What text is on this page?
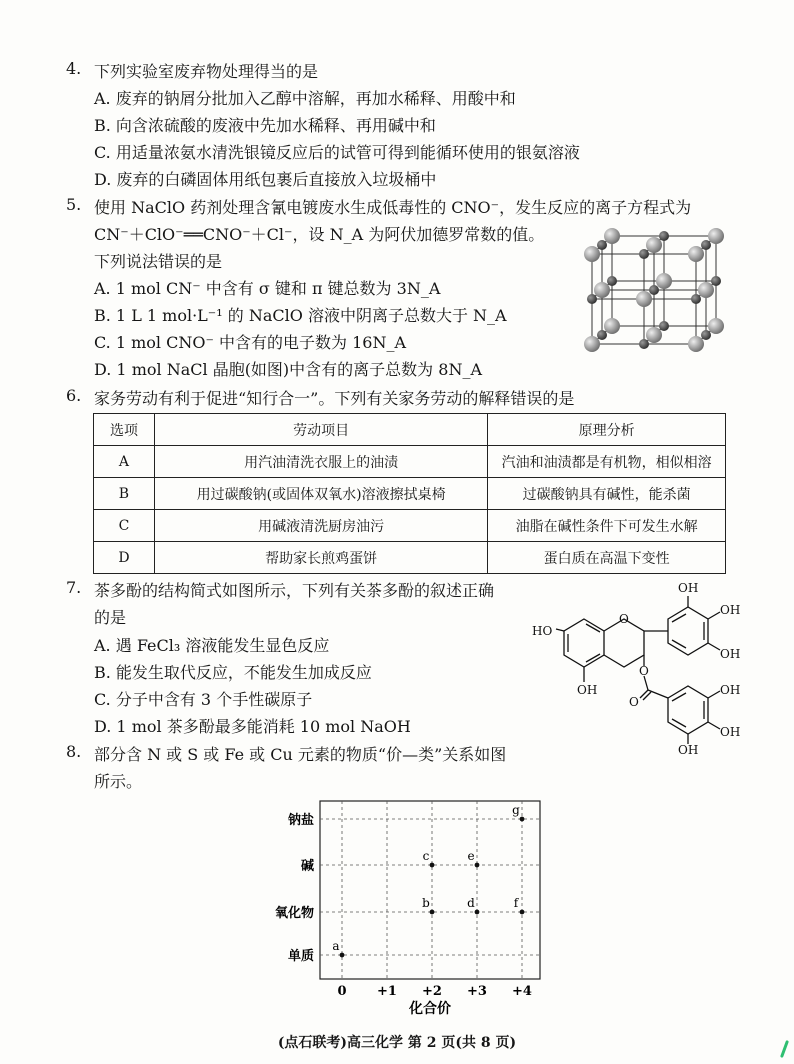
4. 下列实验室废弃物处理得当的是
A. 废弃的钠屑分批加入乙醇中溶解，再加水稀释、用酸中和
B. 向含浓硫酸的废液中先加水稀释、再用碱中和
C. 用适量浓氨水清洗银镜反应后的试管可得到能循环使用的银氨溶液
D. 废弃的白磷固体用纸包裹后直接放入垃圾桶中
5. 使用 NaClO 药剂处理含氰电镀废水生成低毒性的 CNO⁻，发生反应的离子方程式为
CN⁻＋ClO⁻══CNO⁻＋Cl⁻，设 N_A 为阿伏加德罗常数的值。
下列说法错误的是
A. 1 mol CN⁻ 中含有 σ 键和 π 键总数为 3N_A
B. 1 L 1 mol·L⁻¹ 的 NaClO 溶液中阴离子总数大于 N_A
C. 1 mol CNO⁻ 中含有的电子数为 16N_A
D. 1 mol NaCl 晶胞(如图)中含有的离子总数为 8N_A
6. 家务劳动有利于促进“知行合一”。下列有关家务劳动的解释错误的是
选项	劳动项目	原理分析
A	用汽油清洗衣服上的油渍	汽油和油渍都是有机物，相似相溶
B	用过碳酸钠(或固体双氧水)溶液擦拭桌椅	过碳酸钠具有碱性，能杀菌
C	用碱液清洗厨房油污	油脂在碱性条件下可发生水解
D	帮助家长煎鸡蛋饼	蛋白质在高温下变性
7. 茶多酚的结构简式如图所示，下列有关茶多酚的叙述正确
的是
A. 遇 FeCl₃ 溶液能发生显色反应
B. 能发生取代反应，不能发生加成反应
C. 分子中含有 3 个手性碳原子
D. 1 mol 茶多酚最多能消耗 10 mol NaOH
HO
O
O
O
OH
OH
OH
OH
OH
OH
OH
8. 部分含 N 或 S 或 Fe 或 Cu 元素的物质“价—类”关系如图
所示。
单质
氧化物
碱
钠盐
0 +1 +2 +3 +4
a
b
c
d
e
f
g
化合价
(点石联考)高三化学 第 2 页(共 8 页)
